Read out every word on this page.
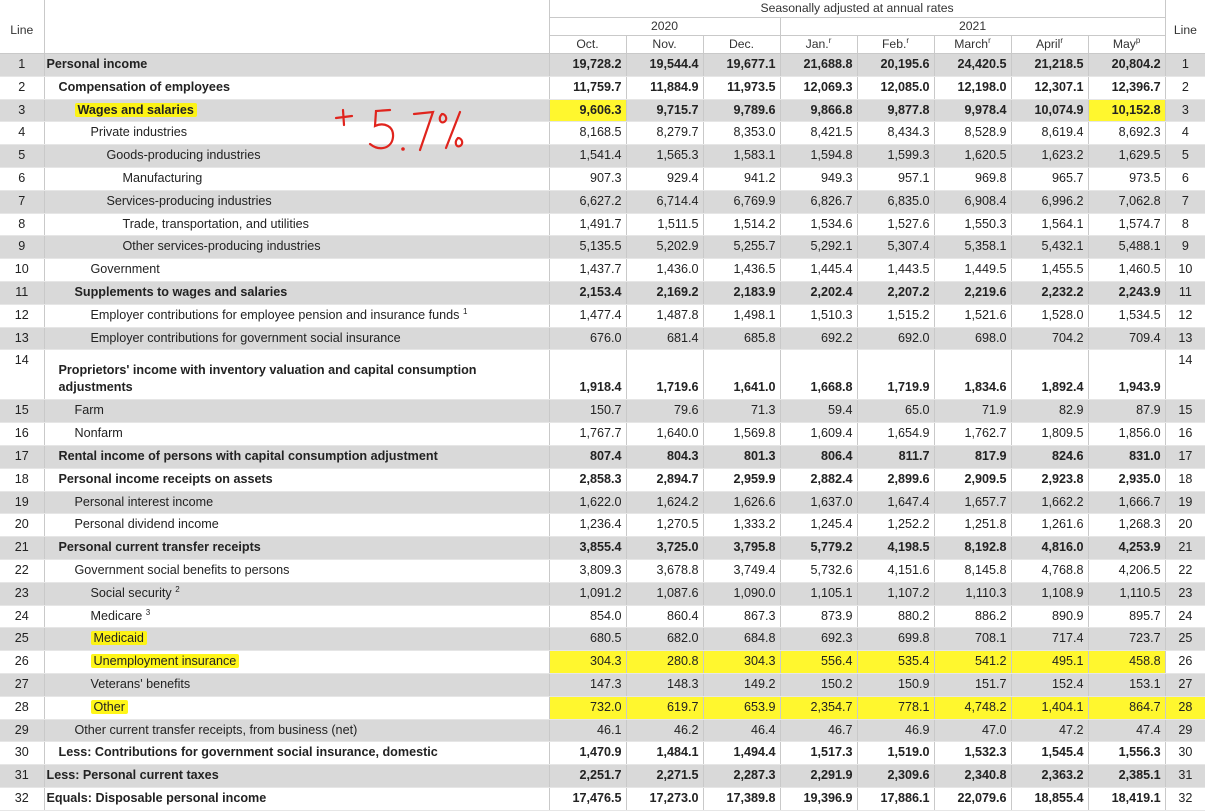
Line		Seasonally adjusted at annual rates								Line
		2020			2021					
		Oct.	Nov.	Dec.	Jan.$^r$	Feb.$^r$	March$^r$	April$^r$	May$^p$
1	Personal income	19,728.2	19,544.4	19,677.1	21,688.8	20,195.6	24,420.5	21,218.5	20,804.2	1
2	Compensation of employees	11,759.7	11,884.9	11,973.5	12,069.3	12,085.0	12,198.0	12,307.1	12,396.7	2
3	Wages and salaries	9,606.3	9,715.7	9,789.6	9,866.8	9,877.8	9,978.4	10,074.9	10,152.8	3
4	Private industries	8,168.5	8,279.7	8,353.0	8,421.5	8,434.3	8,528.9	8,619.4	8,692.3	4
5	Goods-producing industries	1,541.4	1,565.3	1,583.1	1,594.8	1,599.3	1,620.5	1,623.2	1,629.5	5
6	Manufacturing	907.3	929.4	941.2	949.3	957.1	969.8	965.7	973.5	6
7	Services-producing industries	6,627.2	6,714.4	6,769.9	6,826.7	6,835.0	6,908.4	6,996.2	7,062.8	7
8	Trade, transportation, and utilities	1,491.7	1,511.5	1,514.2	1,534.6	1,527.6	1,550.3	1,564.1	1,574.7	8
9	Other services-producing industries	5,135.5	5,202.9	5,255.7	5,292.1	5,307.4	5,358.1	5,432.1	5,488.1	9
10	Government	1,437.7	1,436.0	1,436.5	1,445.4	1,443.5	1,449.5	1,455.5	1,460.5	10
11	Supplements to wages and salaries	2,153.4	2,169.2	2,183.9	2,202.4	2,207.2	2,219.6	2,232.2	2,243.9	11
12	Employer contributions for employee pension and insurance funds $^1$	1,477.4	1,487.8	1,498.1	1,510.3	1,515.2	1,521.6	1,528.0	1,534.5	12
13	Employer contributions for government social insurance	676.0	681.4	685.8	692.2	692.0	698.0	704.2	709.4	13
14	Proprietors' income with inventory valuation and capital consumption adjustments	1,918.4	1,719.6	1,641.0	1,668.8	1,719.9	1,834.6	1,892.4	1,943.9	14
15	Farm	150.7	79.6	71.3	59.4	65.0	71.9	82.9	87.9	15
16	Nonfarm	1,767.7	1,640.0	1,569.8	1,609.4	1,654.9	1,762.7	1,809.5	1,856.0	16
17	Rental income of persons with capital consumption adjustment	807.4	804.3	801.3	806.4	811.7	817.9	824.6	831.0	17
18	Personal income receipts on assets	2,858.3	2,894.7	2,959.9	2,882.4	2,899.6	2,909.5	2,923.8	2,935.0	18
19	Personal interest income	1,622.0	1,624.2	1,626.6	1,637.0	1,647.4	1,657.7	1,662.2	1,666.7	19
20	Personal dividend income	1,236.4	1,270.5	1,333.2	1,245.4	1,252.2	1,251.8	1,261.6	1,268.3	20
21	Personal current transfer receipts	3,855.4	3,725.0	3,795.8	5,779.2	4,198.5	8,192.8	4,816.0	4,253.9	21
22	Government social benefits to persons	3,809.3	3,678.8	3,749.4	5,732.6	4,151.6	8,145.8	4,768.8	4,206.5	22
23	Social security $^2$	1,091.2	1,087.6	1,090.0	1,105.1	1,107.2	1,110.3	1,108.9	1,110.5	23
24	Medicare $^3$	854.0	860.4	867.3	873.9	880.2	886.2	890.9	895.7	24
25	Medicaid	680.5	682.0	684.8	692.3	699.8	708.1	717.4	723.7	25
26	Unemployment insurance	304.3	280.8	304.3	556.4	535.4	541.2	495.1	458.8	26
27	Veterans' benefits	147.3	148.3	149.2	150.2	150.9	151.7	152.4	153.1	27
28	Other	732.0	619.7	653.9	2,354.7	778.1	4,748.2	1,404.1	864.7	28
29	Other current transfer receipts, from business (net)	46.1	46.2	46.4	46.7	46.9	47.0	47.2	47.4	29
30	Less: Contributions for government social insurance, domestic	1,470.9	1,484.1	1,494.4	1,517.3	1,519.0	1,532.3	1,545.4	1,556.3	30
31	Less: Personal current taxes	2,251.7	2,271.5	2,287.3	2,291.9	2,309.6	2,340.8	2,363.2	2,385.1	31
32	Equals: Disposable personal income	17,476.5	17,273.0	17,389.8	19,396.9	17,886.1	22,079.6	18,855.4	18,419.1	32
